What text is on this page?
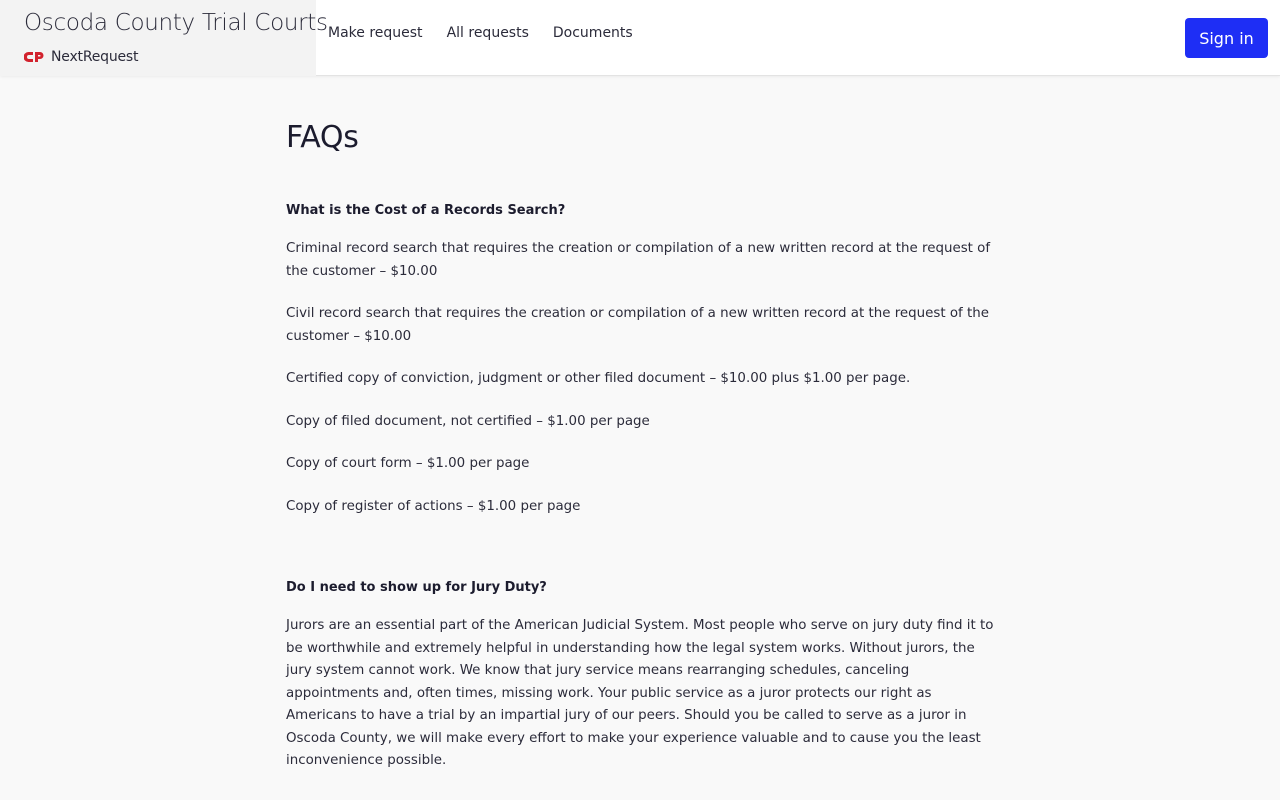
Oscoda County Trial Courts
NextRequest
Make request All requests Documents	Sign in
FAQs
What is the Cost of a Records Search?

Criminal record search that requires the creation or compilation of a new written record at the request of the customer – $10.00

Civil record search that requires the creation or compilation of a new written record at the request of the customer – $10.00

Certified copy of conviction, judgment or other filed document – $10.00 plus $1.00 per page.

Copy of filed document, not certified – $1.00 per page

Copy of court form – $1.00 per page

Copy of register of actions – $1.00 per page

Do I need to show up for Jury Duty?

Jurors are an essential part of the American Judicial System. Most people who serve on jury duty find it to be worthwhile and extremely helpful in understanding how the legal system works. Without jurors, the jury system cannot work. We know that jury service means rearranging schedules, canceling appointments and, often times, missing work. Your public service as a juror protects our right as Americans to have a trial by an impartial jury of our peers. Should you be called to serve as a juror in Oscoda County, we will make every effort to make your experience valuable and to cause you the least inconvenience possible.
